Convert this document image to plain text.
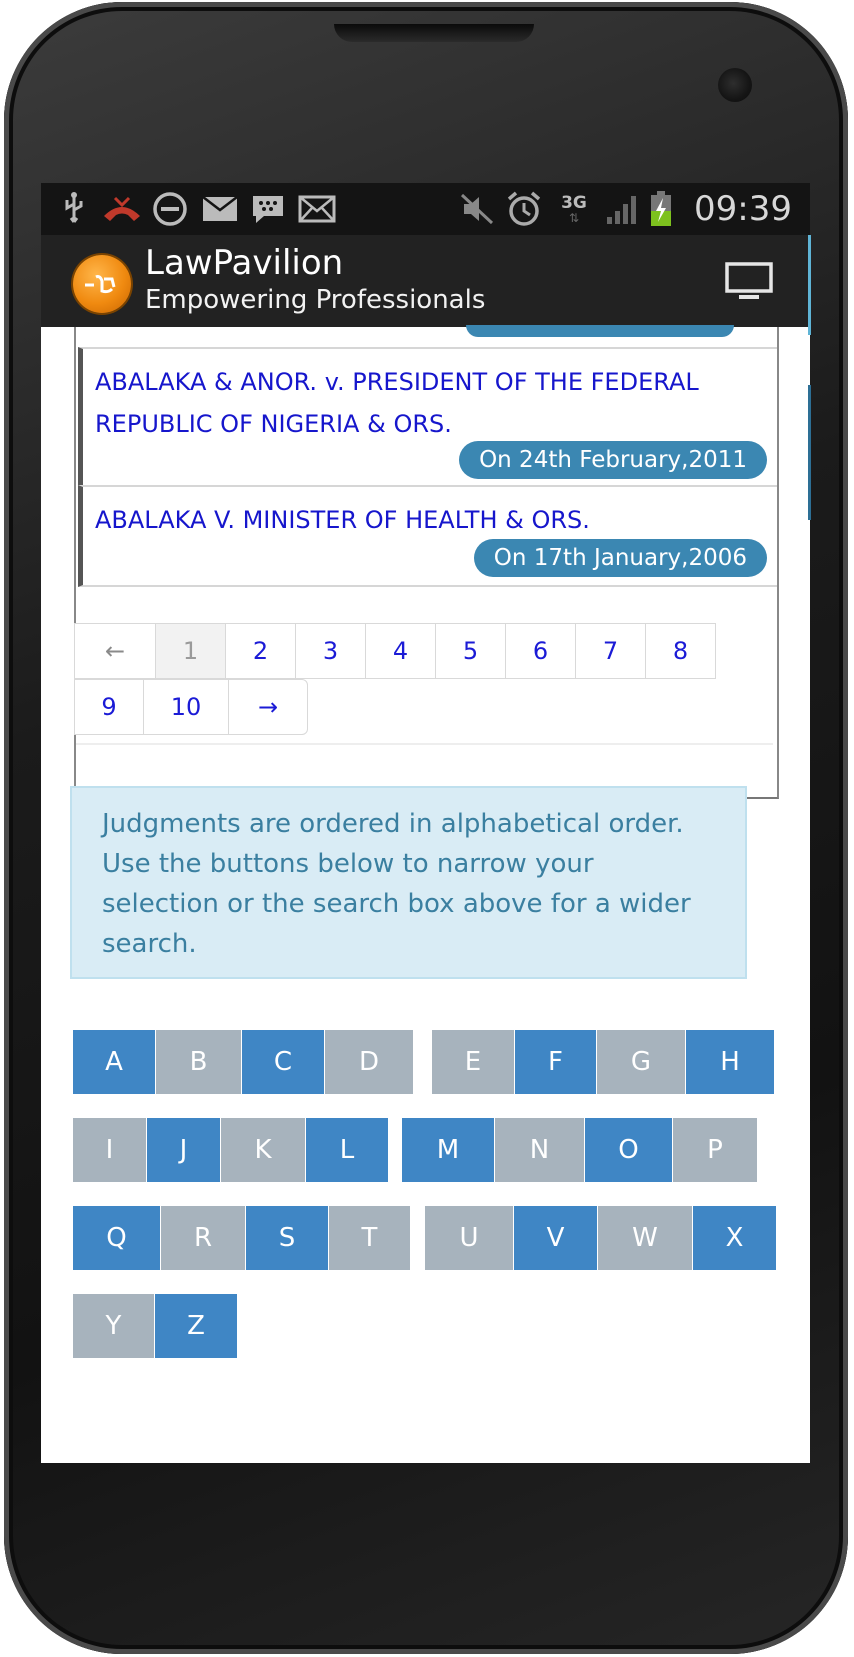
3G
⇅	09:39
LawPavilion
Empowering Professionals
ABALAKA & ANOR. v. PRESIDENT OF THE FEDERAL REPUBLIC OF NIGERIA & ORS.
On 24th February,2011
ABALAKA V. MINISTER OF HEALTH & ORS.
On 17th January,2006
←	1	2	3	4	5	6	7	8
9	10	→
Judgments are ordered in alphabetical order. Use the buttons below to narrow your selection or the search box above for a wider search.
A	B	C	D	E	F	G	H
I	J	K	L	M	N	O	P
Q	R	S	T	U	V	W	X
Y	Z
